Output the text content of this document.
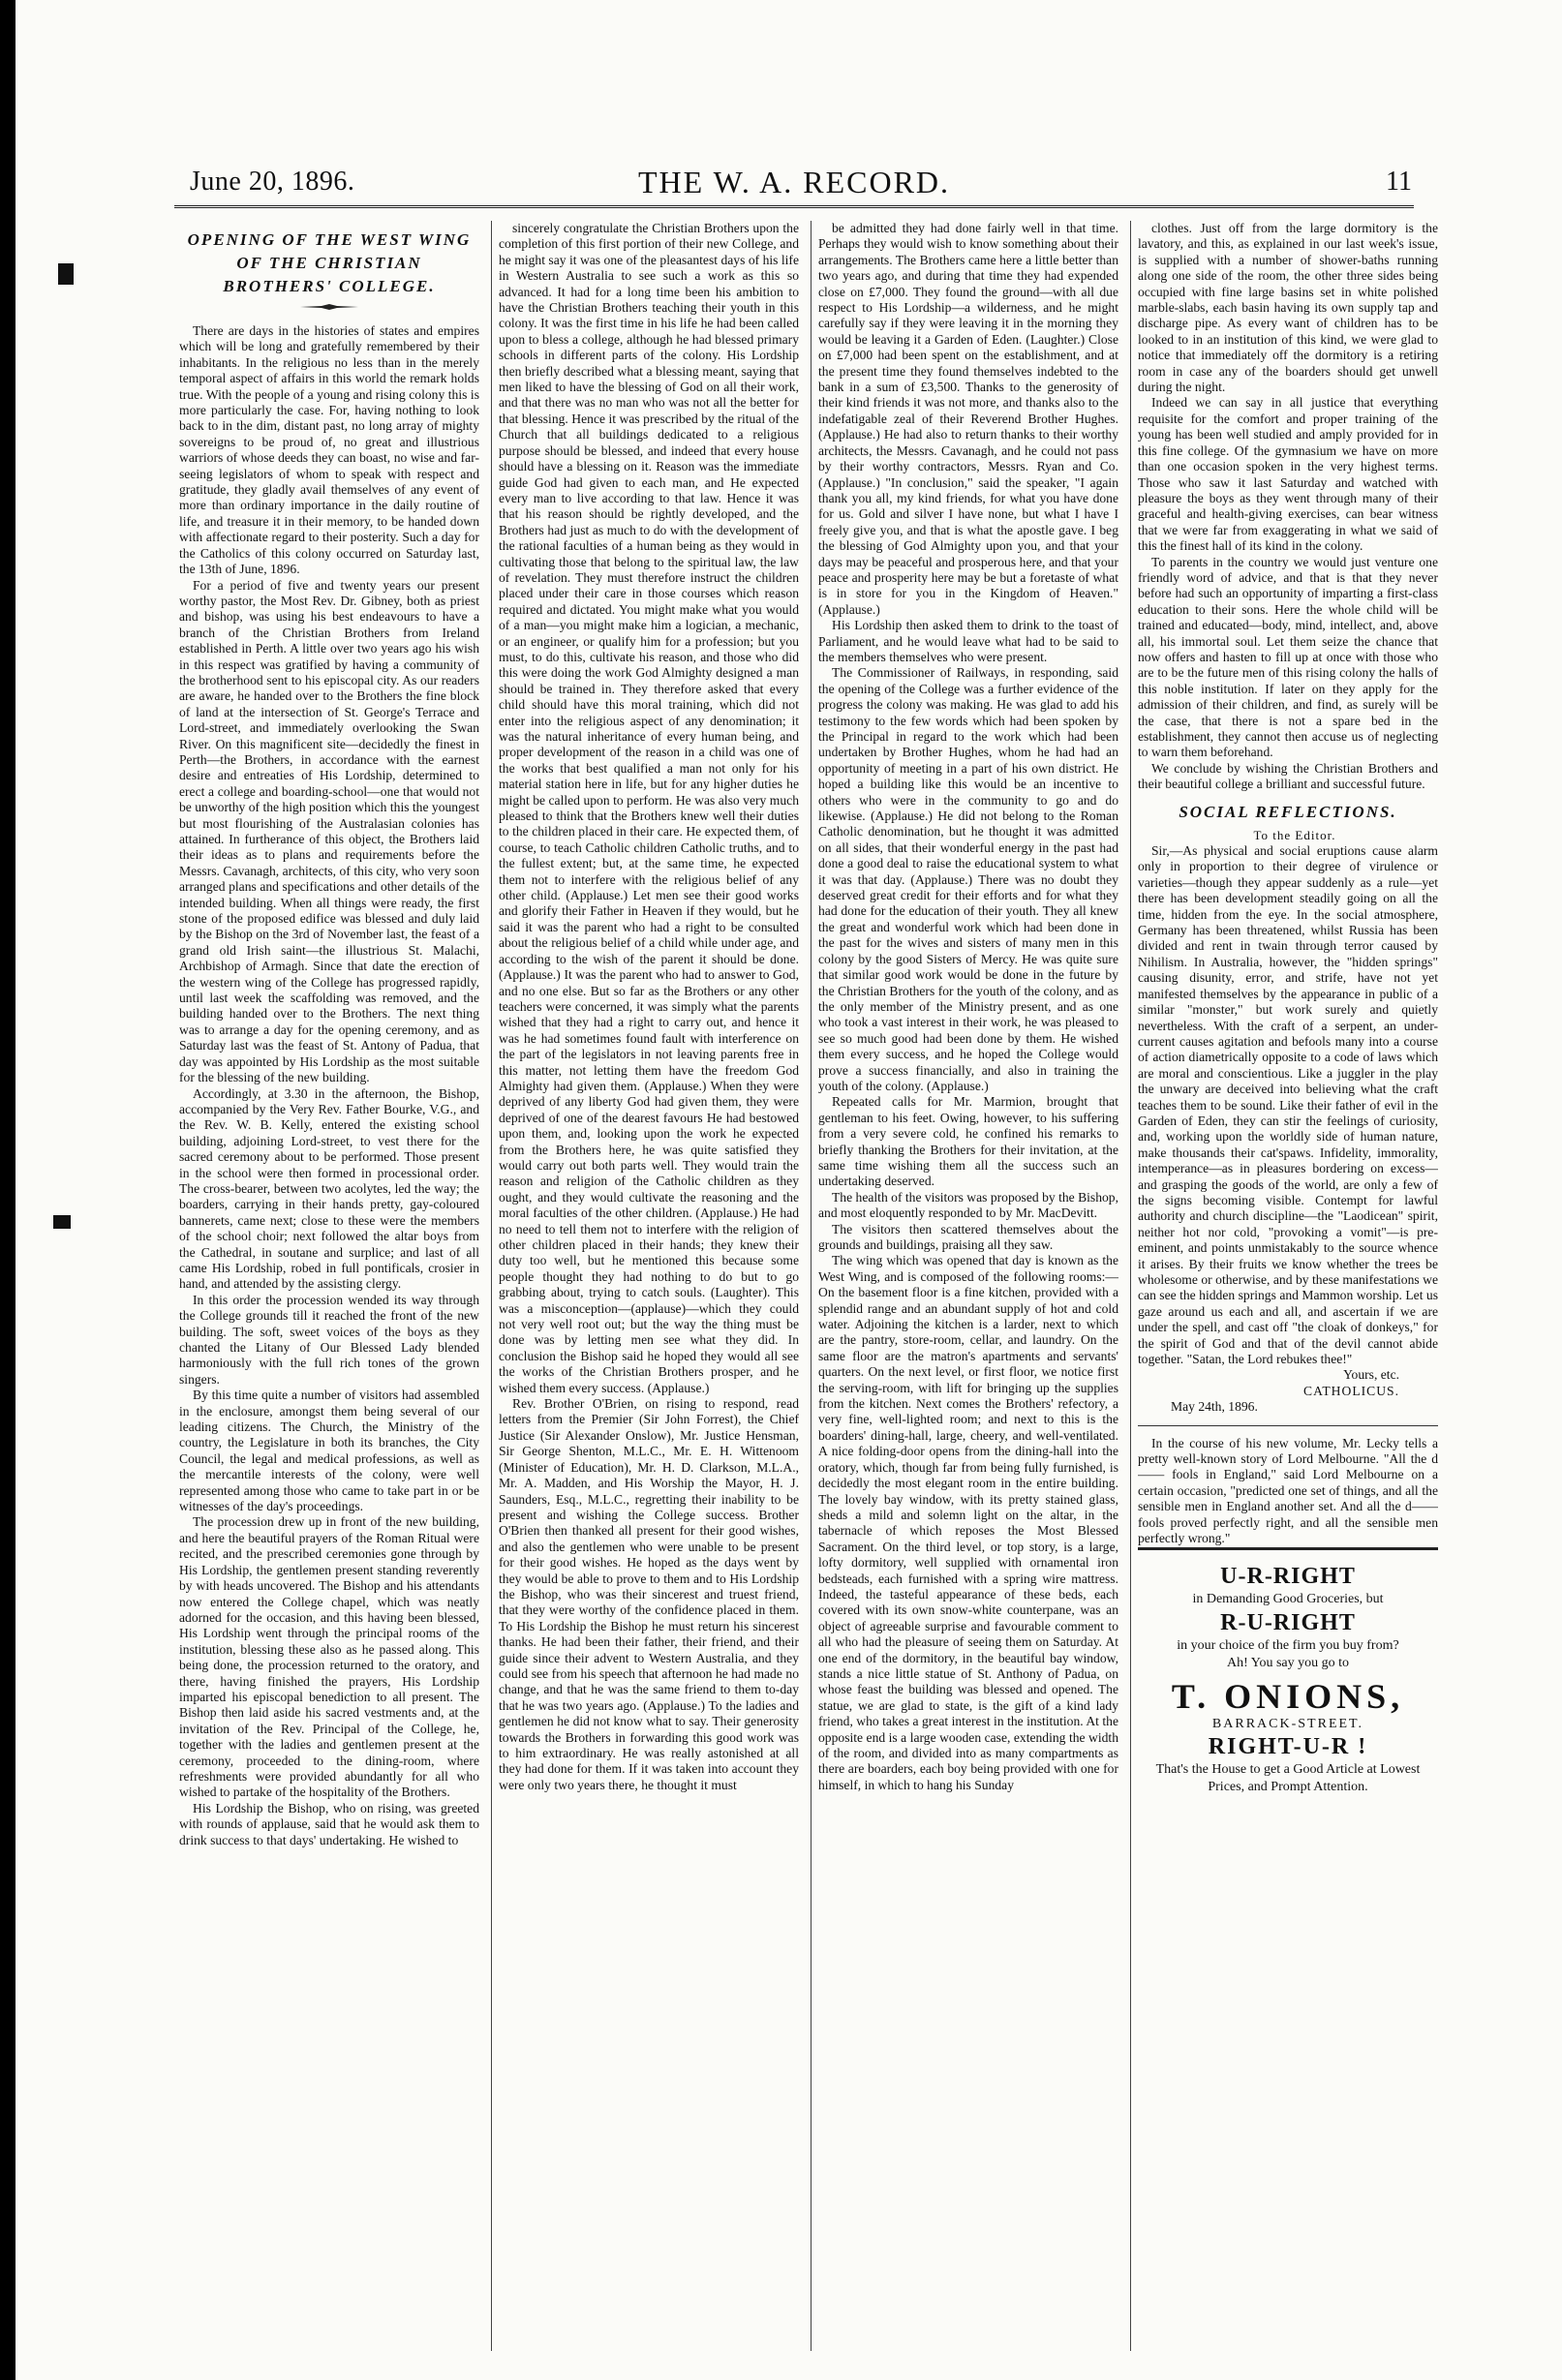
June 20, 1896.	THE W. A. RECORD.	11

OPENING OF THE WEST WING OF THE CHRISTIAN BROTHERS' COLLEGE.

There are days in the histories of states and empires which will be long and gratefully remembered by their inhabitants. In the religious no less than in the merely temporal aspect of affairs in this world the remark holds true. With the people of a young and rising colony this is more particularly the case. For, having nothing to look back to in the dim, distant past, no long array of mighty sovereigns to be proud of, no great and illustrious warriors of whose deeds they can boast, no wise and far-seeing legislators of whom to speak with respect and gratitude, they gladly avail themselves of any event of more than ordinary importance in the daily routine of life, and treasure it in their memory, to be handed down with affectionate regard to their posterity. Such a day for the Catholics of this colony occurred on Saturday last, the 13th of June, 1896.

For a period of five and twenty years our present worthy pastor, the Most Rev. Dr. Gibney, both as priest and bishop, was using his best endeavours to have a branch of the Christian Brothers from Ireland established in Perth. A little over two years ago his wish in this respect was gratified by having a community of the brotherhood sent to his episcopal city. As our readers are aware, he handed over to the Brothers the fine block of land at the intersection of St. George's Terrace and Lord-street, and immediately overlooking the Swan River. On this magnificent site—decidedly the finest in Perth—the Brothers, in accordance with the earnest desire and entreaties of His Lordship, determined to erect a college and boarding-school—one that would not be unworthy of the high position which this the youngest but most flourishing of the Australasian colonies has attained. In furtherance of this object, the Brothers laid their ideas as to plans and requirements before the Messrs. Cavanagh, architects, of this city, who very soon arranged plans and specifications and other details of the intended building. When all things were ready, the first stone of the proposed edifice was blessed and duly laid by the Bishop on the 3rd of November last, the feast of a grand old Irish saint—the illustrious St. Malachi, Archbishop of Armagh. Since that date the erection of the western wing of the College has progressed rapidly, until last week the scaffolding was removed, and the building handed over to the Brothers. The next thing was to arrange a day for the opening ceremony, and as Saturday last was the feast of St. Antony of Padua, that day was appointed by His Lordship as the most suitable for the blessing of the new building.

Accordingly, at 3.30 in the afternoon, the Bishop, accompanied by the Very Rev. Father Bourke, V.G., and the Rev. W. B. Kelly, entered the existing school building, adjoining Lord-street, to vest there for the sacred ceremony about to be performed. Those present in the school were then formed in processional order. The cross-bearer, between two acolytes, led the way; the boarders, carrying in their hands pretty, gay-coloured bannerets, came next; close to these were the members of the school choir; next followed the altar boys from the Cathedral, in soutane and surplice; and last of all came His Lordship, robed in full pontificals, crosier in hand, and attended by the assisting clergy.

In this order the procession wended its way through the College grounds till it reached the front of the new building. The soft, sweet voices of the boys as they chanted the Litany of Our Blessed Lady blended harmoniously with the full rich tones of the grown singers.

By this time quite a number of visitors had assembled in the enclosure, amongst them being several of our leading citizens. The Church, the Ministry of the country, the Legislature in both its branches, the City Council, the legal and medical professions, as well as the mercantile interests of the colony, were well represented among those who came to take part in or be witnesses of the day's proceedings.

The procession drew up in front of the new building, and here the beautiful prayers of the Roman Ritual were recited, and the prescribed ceremonies gone through by His Lordship, the gentlemen present standing reverently by with heads uncovered. The Bishop and his attendants now entered the College chapel, which was neatly adorned for the occasion, and this having been blessed, His Lordship went through the principal rooms of the institution, blessing these also as he passed along. This being done, the procession returned to the oratory, and there, having finished the prayers, His Lordship imparted his episcopal benediction to all present. The Bishop then laid aside his sacred vestments and, at the invitation of the Rev. Principal of the College, he, together with the ladies and gentlemen present at the ceremony, proceeded to the dining-room, where refreshments were provided abundantly for all who wished to partake of the hospitality of the Brothers.

His Lordship the Bishop, who on rising, was greeted with rounds of applause, said that he would ask them to drink success to that days' undertaking. He wished to

sincerely congratulate the Christian Brothers upon the completion of this first portion of their new College, and he might say it was one of the pleasantest days of his life in Western Australia to see such a work as this so advanced. It had for a long time been his ambition to have the Christian Brothers teaching their youth in this colony. It was the first time in his life he had been called upon to bless a college, although he had blessed primary schools in different parts of the colony. His Lordship then briefly described what a blessing meant, saying that men liked to have the blessing of God on all their work, and that there was no man who was not all the better for that blessing. Hence it was prescribed by the ritual of the Church that all buildings dedicated to a religious purpose should be blessed, and indeed that every house should have a blessing on it. Reason was the immediate guide God had given to each man, and He expected every man to live according to that law. Hence it was that his reason should be rightly developed, and the Brothers had just as much to do with the development of the rational faculties of a human being as they would in cultivating those that belong to the spiritual law, the law of revelation. They must therefore instruct the children placed under their care in those courses which reason required and dictated. You might make what you would of a man—you might make him a logician, a mechanic, or an engineer, or qualify him for a profession; but you must, to do this, cultivate his reason, and those who did this were doing the work God Almighty designed a man should be trained in. They therefore asked that every child should have this moral training, which did not enter into the religious aspect of any denomination; it was the natural inheritance of every human being, and proper development of the reason in a child was one of the works that best qualified a man not only for his material station here in life, but for any higher duties he might be called upon to perform. He was also very much pleased to think that the Brothers knew well their duties to the children placed in their care. He expected them, of course, to teach Catholic children Catholic truths, and to the fullest extent; but, at the same time, he expected them not to interfere with the religious belief of any other child. (Applause.) Let men see their good works and glorify their Father in Heaven if they would, but he said it was the parent who had a right to be consulted about the religious belief of a child while under age, and according to the wish of the parent it should be done. (Applause.) It was the parent who had to answer to God, and no one else. But so far as the Brothers or any other teachers were concerned, it was simply what the parents wished that they had a right to carry out, and hence it was he had sometimes found fault with interference on the part of the legislators in not leaving parents free in this matter, not letting them have the freedom God Almighty had given them. (Applause.) When they were deprived of any liberty God had given them, they were deprived of one of the dearest favours He had bestowed upon them, and, looking upon the work he expected from the Brothers here, he was quite satisfied they would carry out both parts well. They would train the reason and religion of the Catholic children as they ought, and they would cultivate the reasoning and the moral faculties of the other children. (Applause.) He had no need to tell them not to interfere with the religion of other children placed in their hands; they knew their duty too well, but he mentioned this because some people thought they had nothing to do but to go grabbing about, trying to catch souls. (Laughter). This was a misconception—(applause)—which they could not very well root out; but the way the thing must be done was by letting men see what they did. In conclusion the Bishop said he hoped they would all see the works of the Christian Brothers prosper, and he wished them every success. (Applause.)

Rev. Brother O'Brien, on rising to respond, read letters from the Premier (Sir John Forrest), the Chief Justice (Sir Alexander Onslow), Mr. Justice Hensman, Sir George Shenton, M.L.C., Mr. E. H. Wittenoom (Minister of Education), Mr. H. D. Clarkson, M.L.A., Mr. A. Madden, and His Worship the Mayor, H. J. Saunders, Esq., M.L.C., regretting their inability to be present and wishing the College success. Brother O'Brien then thanked all present for their good wishes, and also the gentlemen who were unable to be present for their good wishes. He hoped as the days went by they would be able to prove to them and to His Lordship the Bishop, who was their sincerest and truest friend, that they were worthy of the confidence placed in them. To His Lordship the Bishop he must return his sincerest thanks. He had been their father, their friend, and their guide since their advent to Western Australia, and they could see from his speech that afternoon he had made no change, and that he was the same friend to them to-day that he was two years ago. (Applause.) To the ladies and gentlemen he did not know what to say. Their generosity towards the Brothers in forwarding this good work was to him extraordinary. He was really astonished at all they had done for them. If it was taken into account they were only two years there, he thought it must

be admitted they had done fairly well in that time. Perhaps they would wish to know something about their arrangements. The Brothers came here a little better than two years ago, and during that time they had expended close on £7,000. They found the ground—with all due respect to His Lordship—a wilderness, and he might carefully say if they were leaving it in the morning they would be leaving it a Garden of Eden. (Laughter.) Close on £7,000 had been spent on the establishment, and at the present time they found themselves indebted to the bank in a sum of £3,500. Thanks to the generosity of their kind friends it was not more, and thanks also to the indefatigable zeal of their Reverend Brother Hughes. (Applause.) He had also to return thanks to their worthy architects, the Messrs. Cavanagh, and he could not pass by their worthy contractors, Messrs. Ryan and Co. (Applause.) "In conclusion," said the speaker, "I again thank you all, my kind friends, for what you have done for us. Gold and silver I have none, but what I have I freely give you, and that is what the apostle gave. I beg the blessing of God Almighty upon you, and that your days may be peaceful and prosperous here, and that your peace and prosperity here may be but a foretaste of what is in store for you in the Kingdom of Heaven." (Applause.)

His Lordship then asked them to drink to the toast of Parliament, and he would leave what had to be said to the members themselves who were present.

The Commissioner of Railways, in responding, said the opening of the College was a further evidence of the progress the colony was making. He was glad to add his testimony to the few words which had been spoken by the Principal in regard to the work which had been undertaken by Brother Hughes, whom he had had an opportunity of meeting in a part of his own district. He hoped a building like this would be an incentive to others who were in the community to go and do likewise. (Applause.) He did not belong to the Roman Catholic denomination, but he thought it was admitted on all sides, that their wonderful energy in the past had done a good deal to raise the educational system to what it was that day. (Applause.) There was no doubt they deserved great credit for their efforts and for what they had done for the education of their youth. They all knew the great and wonderful work which had been done in the past for the wives and sisters of many men in this colony by the good Sisters of Mercy. He was quite sure that similar good work would be done in the future by the Christian Brothers for the youth of the colony, and as the only member of the Ministry present, and as one who took a vast interest in their work, he was pleased to see so much good had been done by them. He wished them every success, and he hoped the College would prove a success financially, and also in training the youth of the colony. (Applause.)

Repeated calls for Mr. Marmion, brought that gentleman to his feet. Owing, however, to his suffering from a very severe cold, he confined his remarks to briefly thanking the Brothers for their invitation, at the same time wishing them all the success such an undertaking deserved.

The health of the visitors was proposed by the Bishop, and most eloquently responded to by Mr. MacDevitt.

The visitors then scattered themselves about the grounds and buildings, praising all they saw.

The wing which was opened that day is known as the West Wing, and is composed of the following rooms:—On the basement floor is a fine kitchen, provided with a splendid range and an abundant supply of hot and cold water. Adjoining the kitchen is a larder, next to which are the pantry, store-room, cellar, and laundry. On the same floor are the matron's apartments and servants' quarters. On the next level, or first floor, we notice first the serving-room, with lift for bringing up the supplies from the kitchen. Next comes the Brothers' refectory, a very fine, well-lighted room; and next to this is the boarders' dining-hall, large, cheery, and well-ventilated. A nice folding-door opens from the dining-hall into the oratory, which, though far from being fully furnished, is decidedly the most elegant room in the entire building. The lovely bay window, with its pretty stained glass, sheds a mild and solemn light on the altar, in the tabernacle of which reposes the Most Blessed Sacrament. On the third level, or top story, is a large, lofty dormitory, well supplied with ornamental iron bedsteads, each furnished with a spring wire mattress. Indeed, the tasteful appearance of these beds, each covered with its own snow-white counterpane, was an object of agreeable surprise and favourable comment to all who had the pleasure of seeing them on Saturday. At one end of the dormitory, in the beautiful bay window, stands a nice little statue of St. Anthony of Padua, on whose feast the building was blessed and opened. The statue, we are glad to state, is the gift of a kind lady friend, who takes a great interest in the institution. At the opposite end is a large wooden case, extending the width of the room, and divided into as many compartments as there are boarders, each boy being provided with one for himself, in which to hang his Sunday

clothes. Just off from the large dormitory is the lavatory, and this, as explained in our last week's issue, is supplied with a number of shower-baths running along one side of the room, the other three sides being occupied with fine large basins set in white polished marble-slabs, each basin having its own supply tap and discharge pipe. As every want of children has to be looked to in an institution of this kind, we were glad to notice that immediately off the dormitory is a retiring room in case any of the boarders should get unwell during the night.

Indeed we can say in all justice that everything requisite for the comfort and proper training of the young has been well studied and amply provided for in this fine college. Of the gymnasium we have on more than one occasion spoken in the very highest terms. Those who saw it last Saturday and watched with pleasure the boys as they went through many of their graceful and health-giving exercises, can bear witness that we were far from exaggerating in what we said of this the finest hall of its kind in the colony.

To parents in the country we would just venture one friendly word of advice, and that is that they never before had such an opportunity of imparting a first-class education to their sons. Here the whole child will be trained and educated—body, mind, intellect, and, above all, his immortal soul. Let them seize the chance that now offers and hasten to fill up at once with those who are to be the future men of this rising colony the halls of this noble institution. If later on they apply for the admission of their children, and find, as surely will be the case, that there is not a spare bed in the establishment, they cannot then accuse us of neglecting to warn them beforehand.

We conclude by wishing the Christian Brothers and their beautiful college a brilliant and successful future.

SOCIAL REFLECTIONS.

To the Editor.

Sir,—As physical and social eruptions cause alarm only in proportion to their degree of virulence or varieties—though they appear suddenly as a rule—yet there has been development steadily going on all the time, hidden from the eye. In the social atmosphere, Germany has been threatened, whilst Russia has been divided and rent in twain through terror caused by Nihilism. In Australia, however, the "hidden springs" causing disunity, error, and strife, have not yet manifested themselves by the appearance in public of a similar "monster," but work surely and quietly nevertheless. With the craft of a serpent, an under-current causes agitation and befools many into a course of action diametrically opposite to a code of laws which are moral and conscientious. Like a juggler in the play the unwary are deceived into believing what the craft teaches them to be sound. Like their father of evil in the Garden of Eden, they can stir the feelings of curiosity, and, working upon the worldly side of human nature, make thousands their cat'spaws. Infidelity, immorality, intemperance—as in pleasures bordering on excess—and grasping the goods of the world, are only a few of the signs becoming visible. Contempt for lawful authority and church discipline—the "Laodicean" spirit, neither hot nor cold, "provoking a vomit"—is pre-eminent, and points unmistakably to the source whence it arises. By their fruits we know whether the trees be wholesome or otherwise, and by these manifestations we can see the hidden springs and Mammon worship. Let us gaze around us each and all, and ascertain if we are under the spell, and cast off "the cloak of donkeys," for the spirit of God and that of the devil cannot abide together. "Satan, the Lord rebukes thee!"

Yours, etc.

CATHOLICUS.

May 24th, 1896.

In the course of his new volume, Mr. Lecky tells a pretty well-known story of Lord Melbourne. "All the d—— fools in England," said Lord Melbourne on a certain occasion, "predicted one set of things, and all the sensible men in England another set. And all the d—— fools proved perfectly right, and all the sensible men perfectly wrong."

U-R-RIGHT
in Demanding Good Groceries, but
R-U-RIGHT
in your choice of the firm you buy from?
Ah! You say you go to
T. ONIONS,
BARRACK-STREET.
RIGHT-U-R !
That's the House to get a Good Article at Lowest Prices, and Prompt Attention.
